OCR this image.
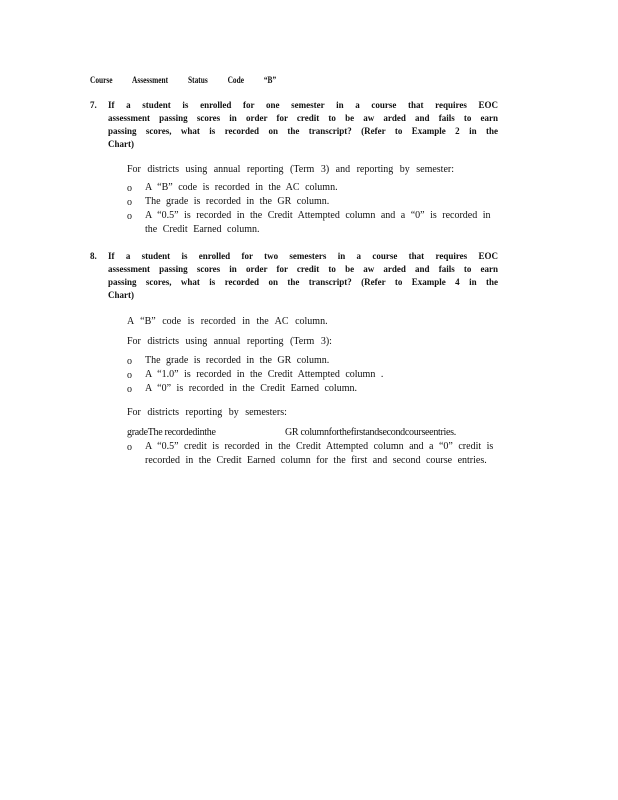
Course Assessment Status Code “B”
7. If a student is enrolled for one semester in a course that requires EOC
assessment passing scores in order for credit to be aw arded and fails to earn
passing scores, what is recorded on the transcript? (Refer to Example 2 in the
Chart)
For districts using annual reporting (Term 3) and reporting by semester:
o A “B” code is recorded in the AC column.
o The grade is recorded in the GR column.
o A “0.5” is recorded in the Credit Attempted column and a “0” is recorded in
the Credit Earned column.
8. If a student is enrolled for two semesters in a course that requires EOC
assessment passing scores in order for credit to be aw arded and fails to earn
passing scores, what is recorded on the transcript? (Refer to Example 4 in the
Chart)
A “B” code is recorded in the AC column.
For districts using annual reporting (Term 3):
o The grade is recorded in the GR column.
o A “1.0” is recorded in the Credit Attempted column .
o A “0” is recorded in the Credit Earned column.
For districts reporting by semesters:
gradeThe recordedinthe	GR columnforthefirstandsecondcourseentries.
o A “0.5” credit is recorded in the Credit Attempted column and a “0” credit is
recorded in the Credit Earned column for the first and second course entries.
